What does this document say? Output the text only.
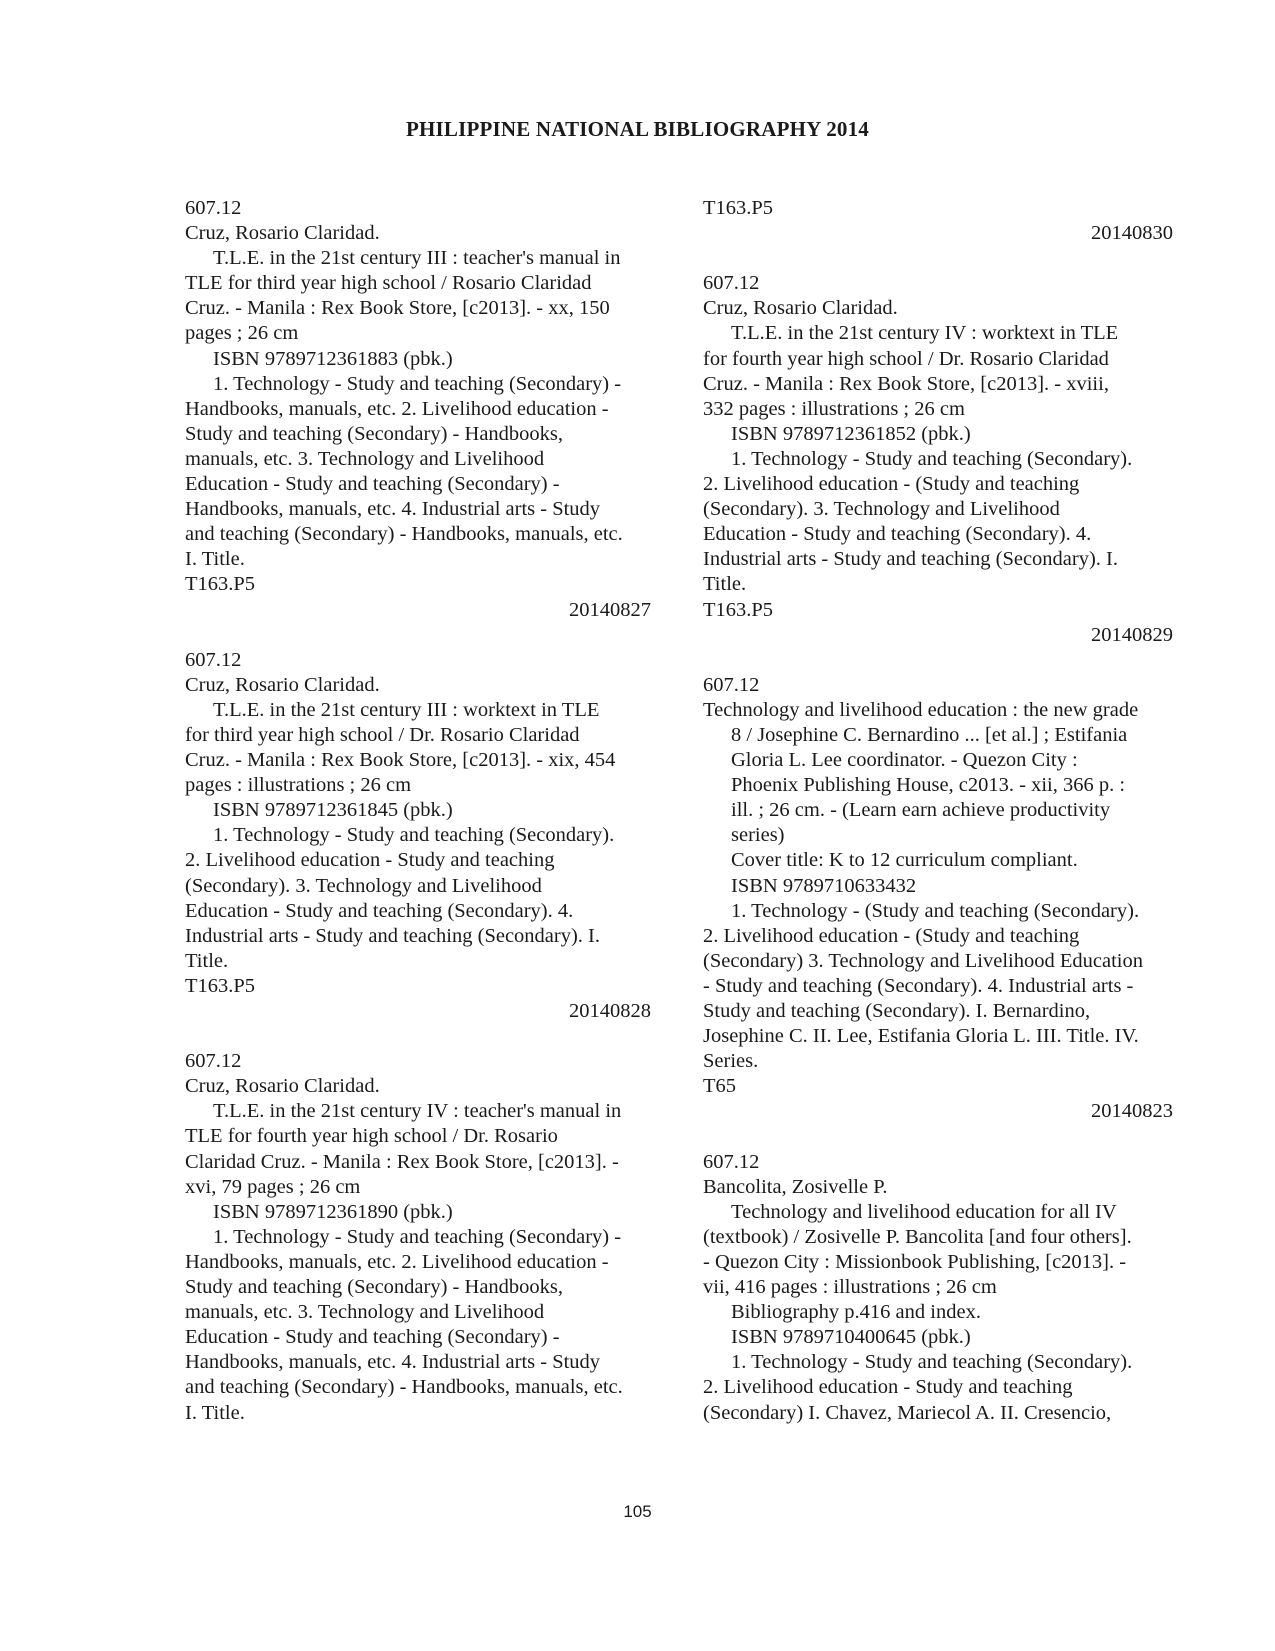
PHILIPPINE NATIONAL BIBLIOGRAPHY 2014
607.12
Cruz, Rosario Claridad.
T.L.E. in the 21st century III : teacher's manual in
TLE for third year high school / Rosario Claridad
Cruz. - Manila : Rex Book Store, [c2013]. - xx, 150
pages ; 26 cm
ISBN 9789712361883 (pbk.)
1. Technology - Study and teaching (Secondary) -
Handbooks, manuals, etc. 2. Livelihood education -
Study and teaching (Secondary) - Handbooks,
manuals, etc. 3. Technology and Livelihood
Education - Study and teaching (Secondary) -
Handbooks, manuals, etc. 4. Industrial arts - Study
and teaching (Secondary) - Handbooks, manuals, etc.
I. Title.
T163.P5
20140827
607.12
Cruz, Rosario Claridad.
T.L.E. in the 21st century III : worktext in TLE
for third year high school / Dr. Rosario Claridad
Cruz. - Manila : Rex Book Store, [c2013]. - xix, 454
pages : illustrations ; 26 cm
ISBN 9789712361845 (pbk.)
1. Technology - Study and teaching (Secondary).
2. Livelihood education - Study and teaching
(Secondary). 3. Technology and Livelihood
Education - Study and teaching (Secondary). 4.
Industrial arts - Study and teaching (Secondary). I.
Title.
T163.P5
20140828
607.12
Cruz, Rosario Claridad.
T.L.E. in the 21st century IV : teacher's manual in
TLE for fourth year high school / Dr. Rosario
Claridad Cruz. - Manila : Rex Book Store, [c2013]. -
xvi, 79 pages ; 26 cm
ISBN 9789712361890 (pbk.)
1. Technology - Study and teaching (Secondary) -
Handbooks, manuals, etc. 2. Livelihood education -
Study and teaching (Secondary) - Handbooks,
manuals, etc. 3. Technology and Livelihood
Education - Study and teaching (Secondary) -
Handbooks, manuals, etc. 4. Industrial arts - Study
and teaching (Secondary) - Handbooks, manuals, etc.
I. Title.
T163.P5
20140830
607.12
Cruz, Rosario Claridad.
T.L.E. in the 21st century IV : worktext in TLE
for fourth year high school / Dr. Rosario Claridad
Cruz. - Manila : Rex Book Store, [c2013]. - xviii,
332 pages : illustrations ; 26 cm
ISBN 9789712361852 (pbk.)
1. Technology - Study and teaching (Secondary).
2. Livelihood education - (Study and teaching
(Secondary). 3. Technology and Livelihood
Education - Study and teaching (Secondary). 4.
Industrial arts - Study and teaching (Secondary). I.
Title.
T163.P5
20140829
607.12
Technology and livelihood education : the new grade
8 / Josephine C. Bernardino ... [et al.] ; Estifania
Gloria L. Lee coordinator. - Quezon City :
Phoenix Publishing House, c2013. - xii, 366 p. :
ill. ; 26 cm. - (Learn earn achieve productivity
series)
Cover title: K to 12 curriculum compliant.
ISBN 9789710633432
1. Technology - (Study and teaching (Secondary).
2. Livelihood education - (Study and teaching
(Secondary) 3. Technology and Livelihood Education
- Study and teaching (Secondary). 4. Industrial arts -
Study and teaching (Secondary). I. Bernardino,
Josephine C. II. Lee, Estifania Gloria L. III. Title. IV.
Series.
T65
20140823
607.12
Bancolita, Zosivelle P.
Technology and livelihood education for all IV
(textbook) / Zosivelle P. Bancolita [and four others].
- Quezon City : Missionbook Publishing, [c2013]. -
vii, 416 pages : illustrations ; 26 cm
Bibliography p.416 and index.
ISBN 9789710400645 (pbk.)
1. Technology - Study and teaching (Secondary).
2. Livelihood education - Study and teaching
(Secondary) I. Chavez, Mariecol A. II. Cresencio,
105
